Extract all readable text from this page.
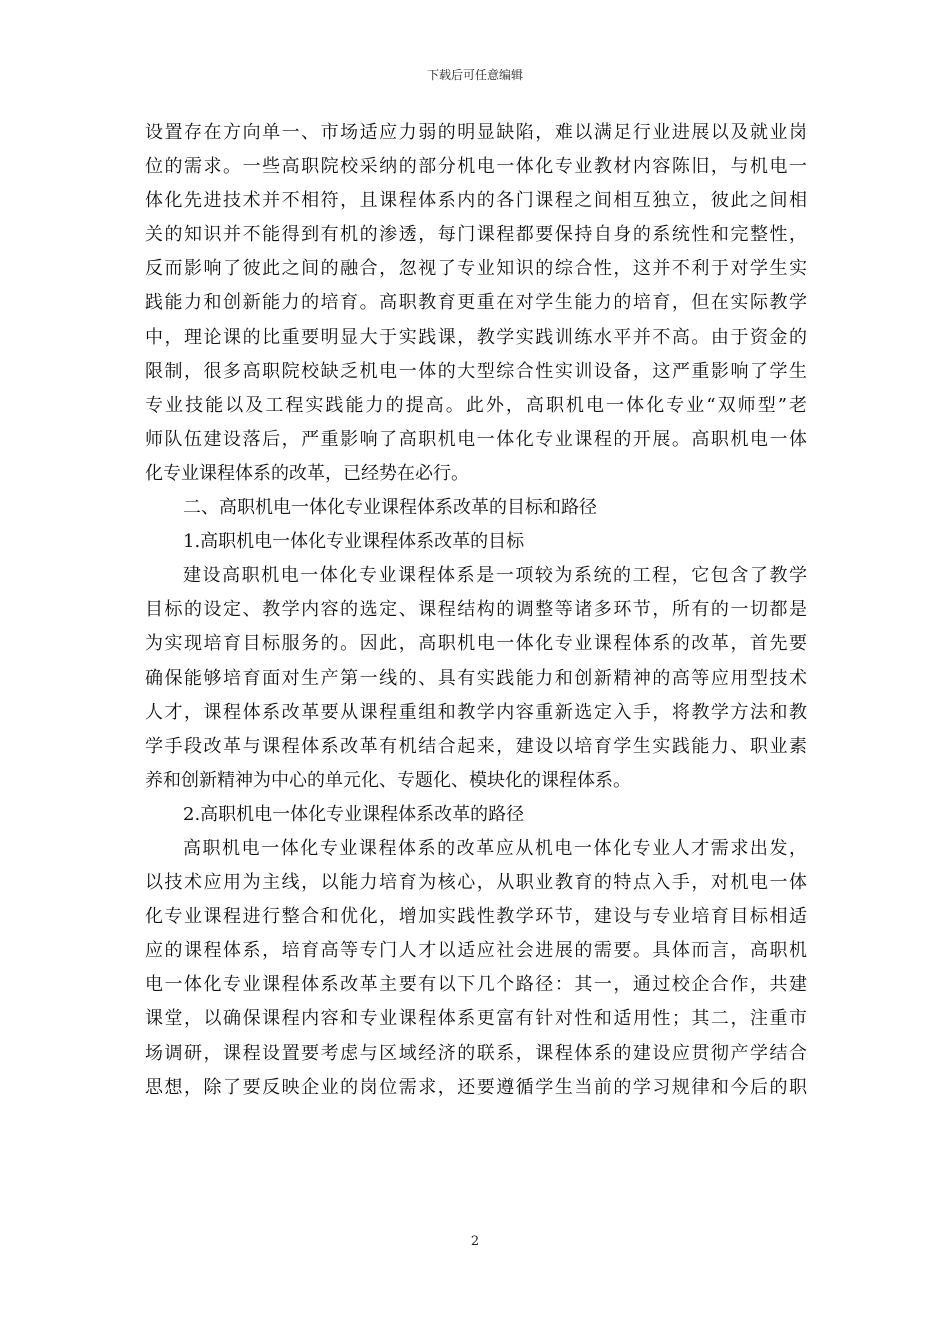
下载后可任意编辑
设置存在方向单一、市场适应力弱的明显缺陷，难以满足行业进展以及就业岗
位的需求。一些高职院校采纳的部分机电一体化专业教材内容陈旧，与机电一
体化先进技术并不相符，且课程体系内的各门课程之间相互独立，彼此之间相
关的知识并不能得到有机的渗透，每门课程都要保持自身的系统性和完整性，
反而影响了彼此之间的融合，忽视了专业知识的综合性，这并不利于对学生实
践能力和创新能力的培育。高职教育更重在对学生能力的培育，但在实际教学
中，理论课的比重要明显大于实践课，教学实践训练水平并不高。由于资金的
限制，很多高职院校缺乏机电一体的大型综合性实训设备，这严重影响了学生
专业技能以及工程实践能力的提高。此外，高职机电一体化专业“双师型”老
师队伍建设落后，严重影响了高职机电一体化专业课程的开展。高职机电一体
化专业课程体系的改革，已经势在必行。
二、高职机电一体化专业课程体系改革的目标和路径
1.高职机电一体化专业课程体系改革的目标
建设高职机电一体化专业课程体系是一项较为系统的工程，它包含了教学
目标的设定、教学内容的选定、课程结构的调整等诸多环节，所有的一切都是
为实现培育目标服务的。因此，高职机电一体化专业课程体系的改革，首先要
确保能够培育面对生产第一线的、具有实践能力和创新精神的高等应用型技术
人才，课程体系改革要从课程重组和教学内容重新选定入手，将教学方法和教
学手段改革与课程体系改革有机结合起来，建设以培育学生实践能力、职业素
养和创新精神为中心的单元化、专题化、模块化的课程体系。
2.高职机电一体化专业课程体系改革的路径
高职机电一体化专业课程体系的改革应从机电一体化专业人才需求出发，
以技术应用为主线，以能力培育为核心，从职业教育的特点入手，对机电一体
化专业课程进行整合和优化，增加实践性教学环节，建设与专业培育目标相适
应的课程体系，培育高等专门人才以适应社会进展的需要。具体而言，高职机
电一体化专业课程体系改革主要有以下几个路径：其一，通过校企合作，共建
课堂，以确保课程内容和专业课程体系更富有针对性和适用性；其二，注重市
场调研，课程设置要考虑与区域经济的联系，课程体系的建设应贯彻产学结合
思想，除了要反映企业的岗位需求，还要遵循学生当前的学习规律和今后的职
2
